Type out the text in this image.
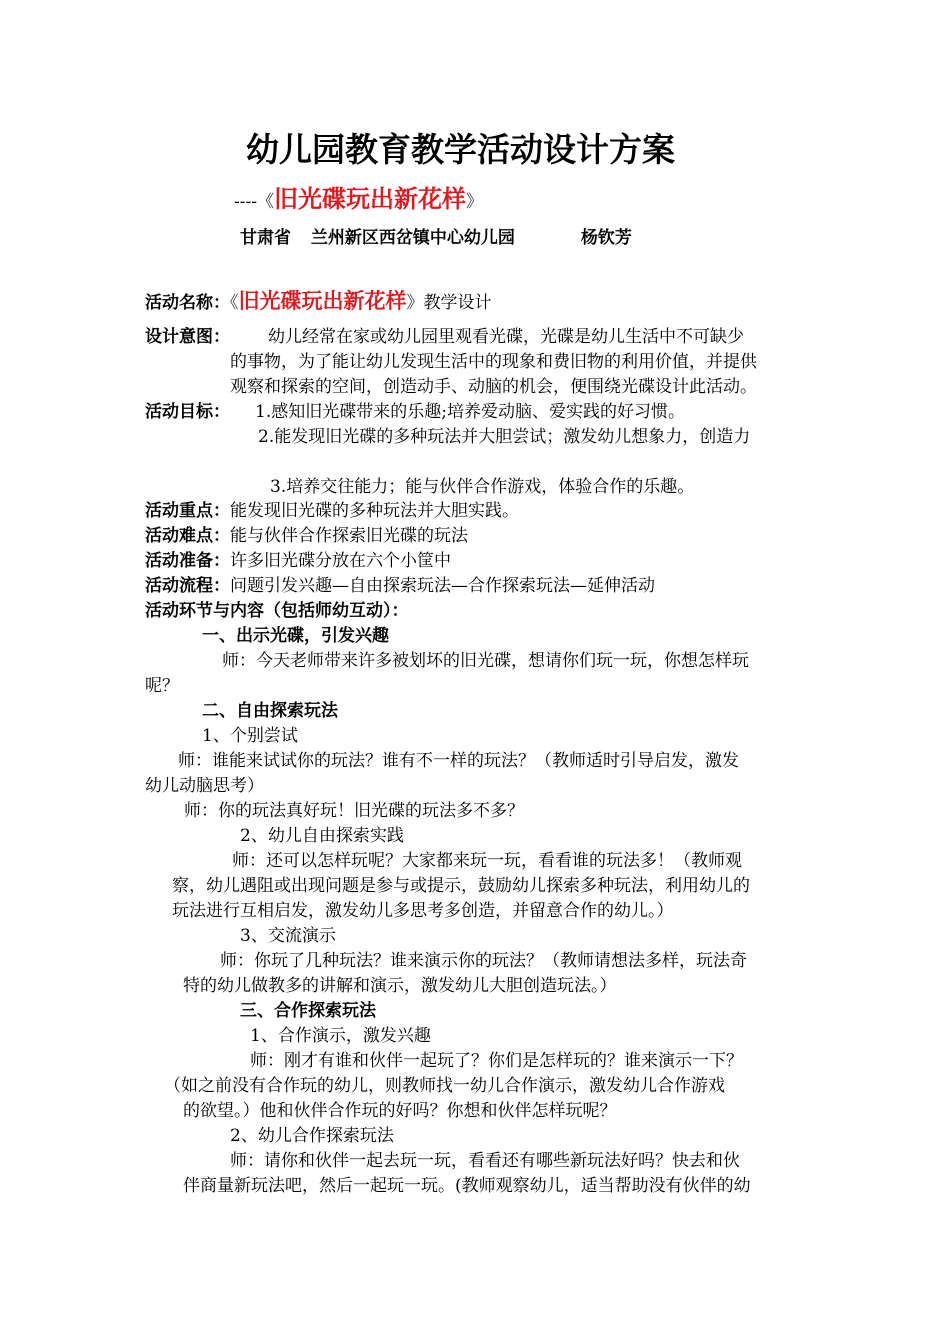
幼儿园教育教学活动设计方案
----《旧光碟玩出新花样》
甘肃省 兰州新区西岔镇中心幼儿园	杨钦芳
活动名称：《旧光碟玩出新花样》教学设计
设计意图： 幼儿经常在家或幼儿园里观看光碟，光碟是幼儿生活中不可缺少
的事物，为了能让幼儿发现生活中的现象和费旧物的利用价值，并提供
观察和探索的空间，创造动手、动脑的机会，便围绕光碟设计此活动。
活动目标： 1.感知旧光碟带来的乐趣;培养爱动脑、爱实践的好习惯。
2.能发现旧光碟的多种玩法并大胆尝试；激发幼儿想象力，创造力
3.培养交往能力；能与伙伴合作游戏，体验合作的乐趣。
活动重点：能发现旧光碟的多种玩法并大胆实践。
活动难点：能与伙伴合作探索旧光碟的玩法
活动准备：许多旧光碟分放在六个小筐中
活动流程：问题引发兴趣—自由探索玩法—合作探索玩法—延伸活动
活动环节与内容（包括师幼互动）：
一、出示光碟，引发兴趣
师：今天老师带来许多被划坏的旧光碟，想请你们玩一玩，你想怎样玩
呢？
二、自由探索玩法
1、个别尝试
师：谁能来试试你的玩法？谁有不一样的玩法？（教师适时引导启发，激发
幼儿动脑思考）
师：你的玩法真好玩！旧光碟的玩法多不多？
2、幼儿自由探索实践
师：还可以怎样玩呢？大家都来玩一玩，看看谁的玩法多！（教师观
察，幼儿遇阻或出现问题是参与或提示，鼓励幼儿探索多种玩法，利用幼儿的
玩法进行互相启发，激发幼儿多思考多创造，并留意合作的幼儿。）
3、交流演示
师：你玩了几种玩法？谁来演示你的玩法？（教师请想法多样，玩法奇
特的幼儿做教多的讲解和演示，激发幼儿大胆创造玩法。）
三、合作探索玩法
1、合作演示，激发兴趣
师：刚才有谁和伙伴一起玩了？你们是怎样玩的？谁来演示一下？
（如之前没有合作玩的幼儿，则教师找一幼儿合作演示，激发幼儿合作游戏
的欲望。）他和伙伴合作玩的好吗？你想和伙伴怎样玩呢？
2、幼儿合作探索玩法
师：请你和伙伴一起去玩一玩，看看还有哪些新玩法好吗？快去和伙
伴商量新玩法吧，然后一起玩一玩。(教师观察幼儿，适当帮助没有伙伴的幼
